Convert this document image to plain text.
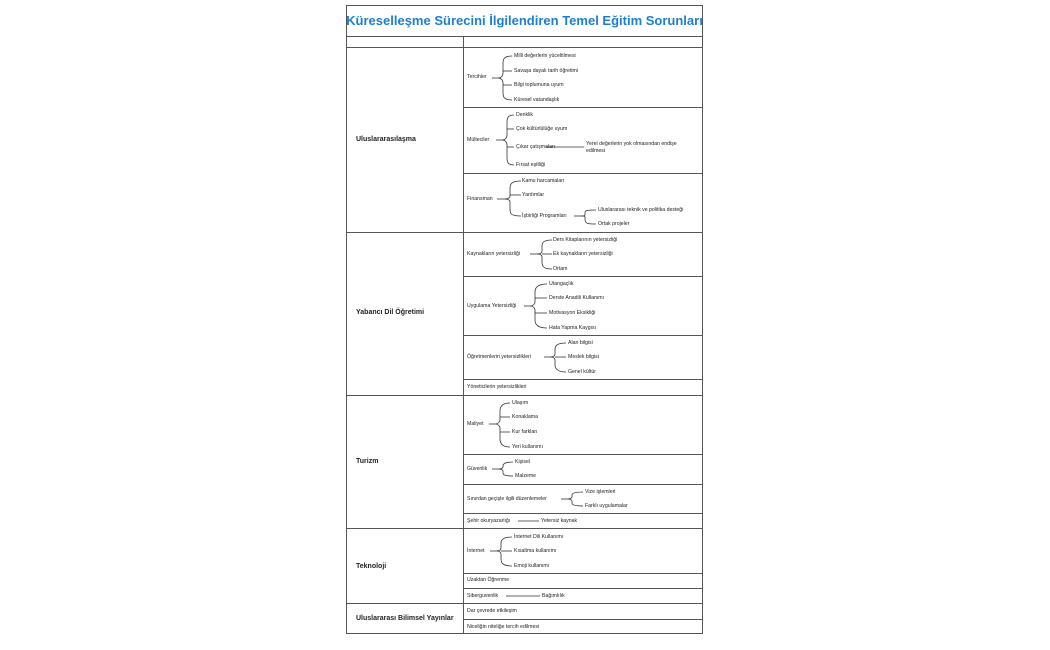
Küreselleşme Sürecini İlgilendiren Temel Eğitim Sorunları
Uluslararasılaşma
Yabancı Dil Öğretimi
Turizm
Teknoloji
Uluslararası Bilimsel Yayınlar
Tercihler
Milli değerlerin yüceltilmesi
Savaşa dayalı tarih öğretimi
Bilgi toplumuna uyum
Küresel vatandaşlık
Mülteciler
Denklik
Çok kültürlülüğe uyum
Çıkar çatışmaları
Fırsat eşitliği
Yerel değerlerin yok olmasından endişe edilmesi
Finansman
Kamu harcamaları
Yardımlar
İşbirliği Programları
Uluslararası teknik ve politika desteği
Ortak projeler
Kaynakların yetersizliği
Ders Kitaplarının yetersizliği
Ek kaynakların yetersizliği
Ortam
Uygulama Yetersizliği
Utangaçlık
Derste Anadili Kullanımı
Motivasyon Eksikliği
Hata Yapma Kaygısı
Öğretmenlerin yetersizlikleri
Alan bilgisi
Meslek bilgisi
Genel kültür
Yöneticilerin yetersizlikleri
Maliyet
Ulaşım
Konaklama
Kur farkları
Yeri kullanımı
Güvenlik
Kişisel
Malzeme
Sınırdan geçişle ilgili düzenlemeler
Vize işlemleri
Farklı uygulamalar
Şehir okuryazarlığı	Yetersiz kaynak
İnternet
İnternet Dili Kullanımı
Kısaltma kullanımı
Emoji kullanımı
Uzaktan Öğrenme
Siberguvenlik	Bağımlılık
Dar çevrede etkileşim
Niceliğin niteliğe tercih edilmesi
